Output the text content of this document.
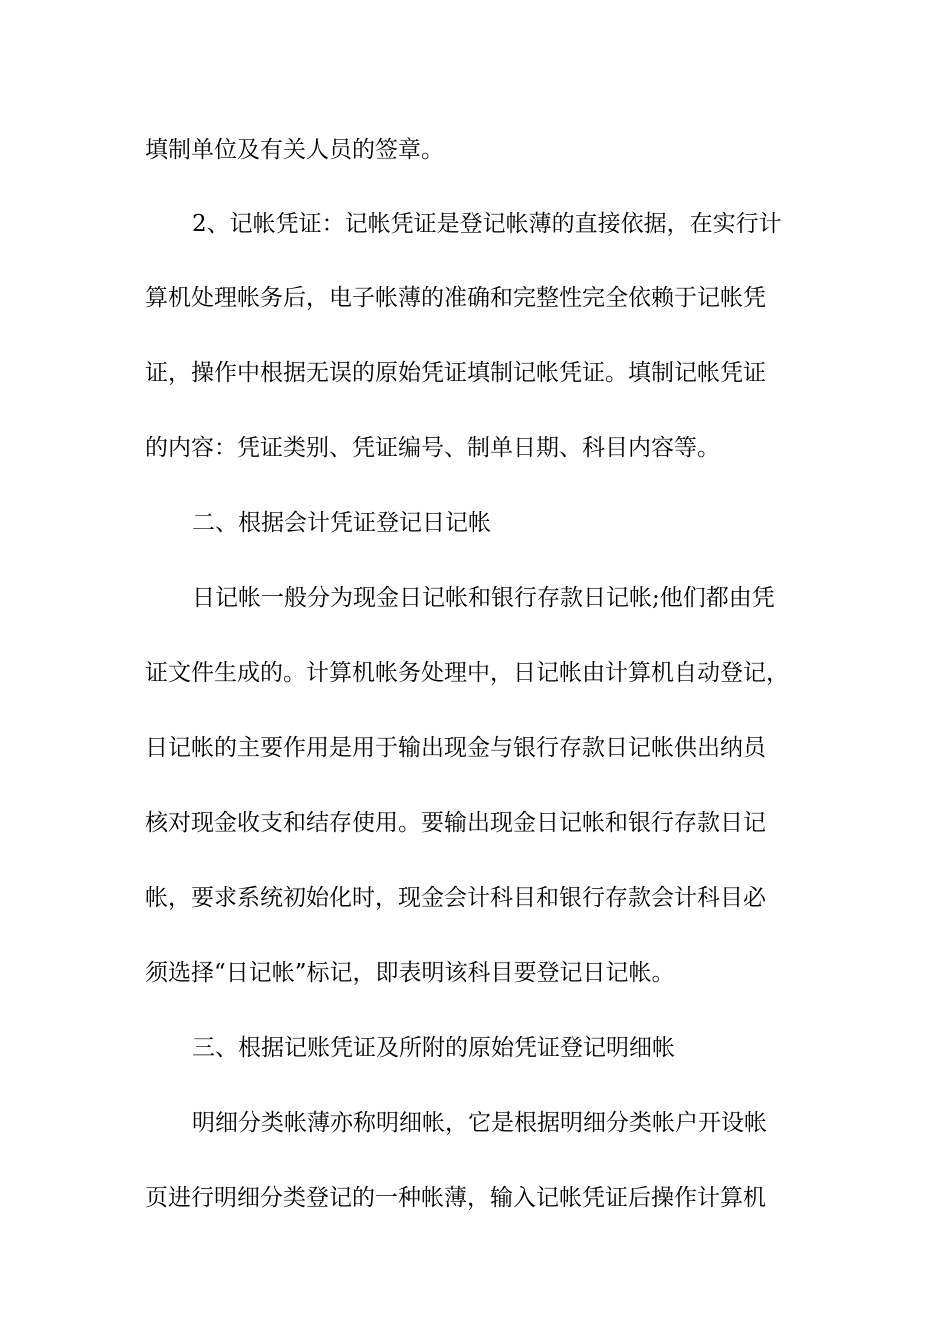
填制单位及有关人员的签章。
2、记帐凭证：记帐凭证是登记帐薄的直接依据，在实行计
算机处理帐务后，电子帐薄的准确和完整性完全依赖于记帐凭
证，操作中根据无误的原始凭证填制记帐凭证。填制记帐凭证
的内容：凭证类别、凭证编号、制单日期、科目内容等。
二、根据会计凭证登记日记帐
日记帐一般分为现金日记帐和银行存款日记帐;他们都由凭
证文件生成的。计算机帐务处理中，日记帐由计算机自动登记，
日记帐的主要作用是用于输出现金与银行存款日记帐供出纳员
核对现金收支和结存使用。要输出现金日记帐和银行存款日记
帐，要求系统初始化时，现金会计科目和银行存款会计科目必
须选择“日记帐”标记，即表明该科目要登记日记帐。
三、根据记账凭证及所附的原始凭证登记明细帐
明细分类帐薄亦称明细帐，它是根据明细分类帐户开设帐
页进行明细分类登记的一种帐薄，输入记帐凭证后操作计算机
